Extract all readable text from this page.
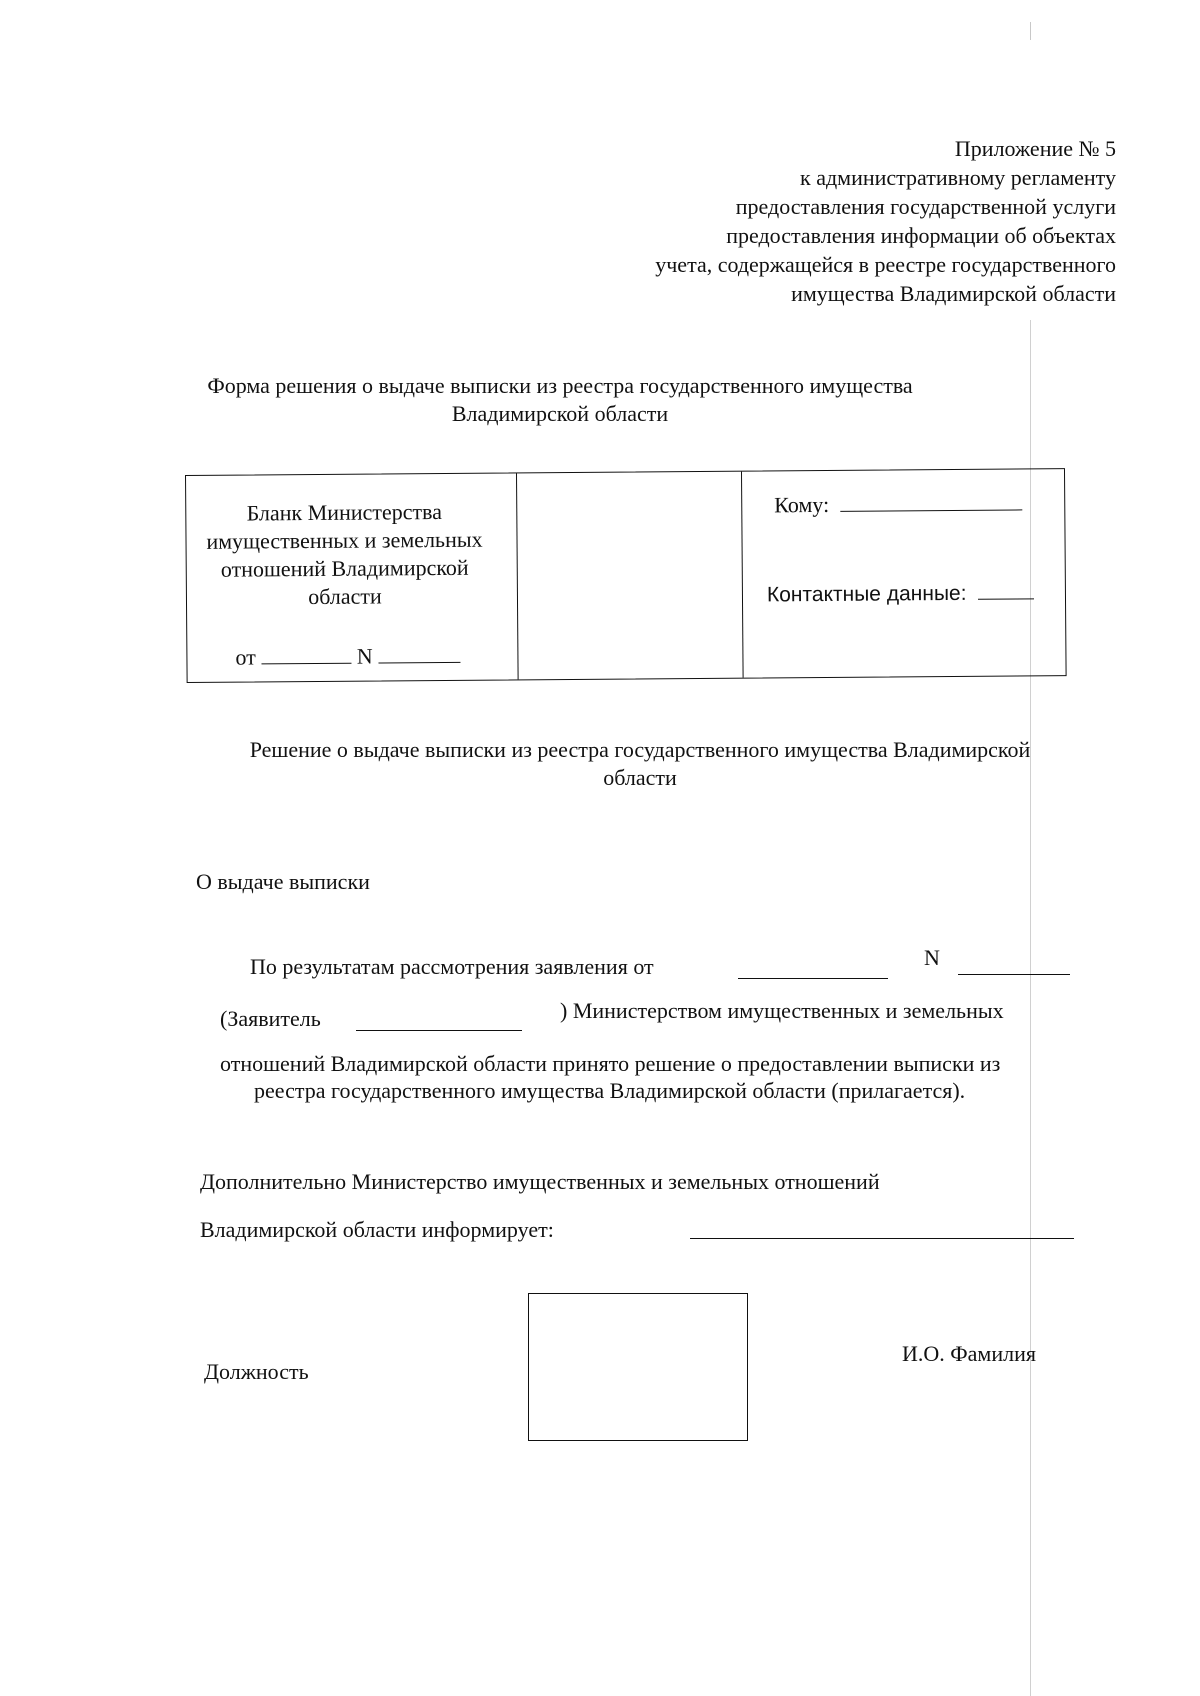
Приложение № 5
к административному регламенту
предоставления государственной услуги
предоставления информации об объектах
учета, содержащейся в реестре государственного
имущества Владимирской области
Форма решения о выдаче выписки из реестра государственного имущества
Владимирской области
Бланк Министерства
имущественных и земельных
отношений Владимирской
области
от	N
Кому:
Контактные данные:
Решение о выдаче выписки из реестра государственного имущества Владимирской
области
О выдаче выписки
По результатам рассмотрения заявления от	N
(Заявитель	) Министерством имущественных и земельных
отношений Владимирской области принято решение о предоставлении выписки из
реестра государственного имущества Владимирской области (прилагается).
Дополнительно Министерство имущественных и земельных отношений
Владимирской области информирует:
Должность
И.О. Фамилия
